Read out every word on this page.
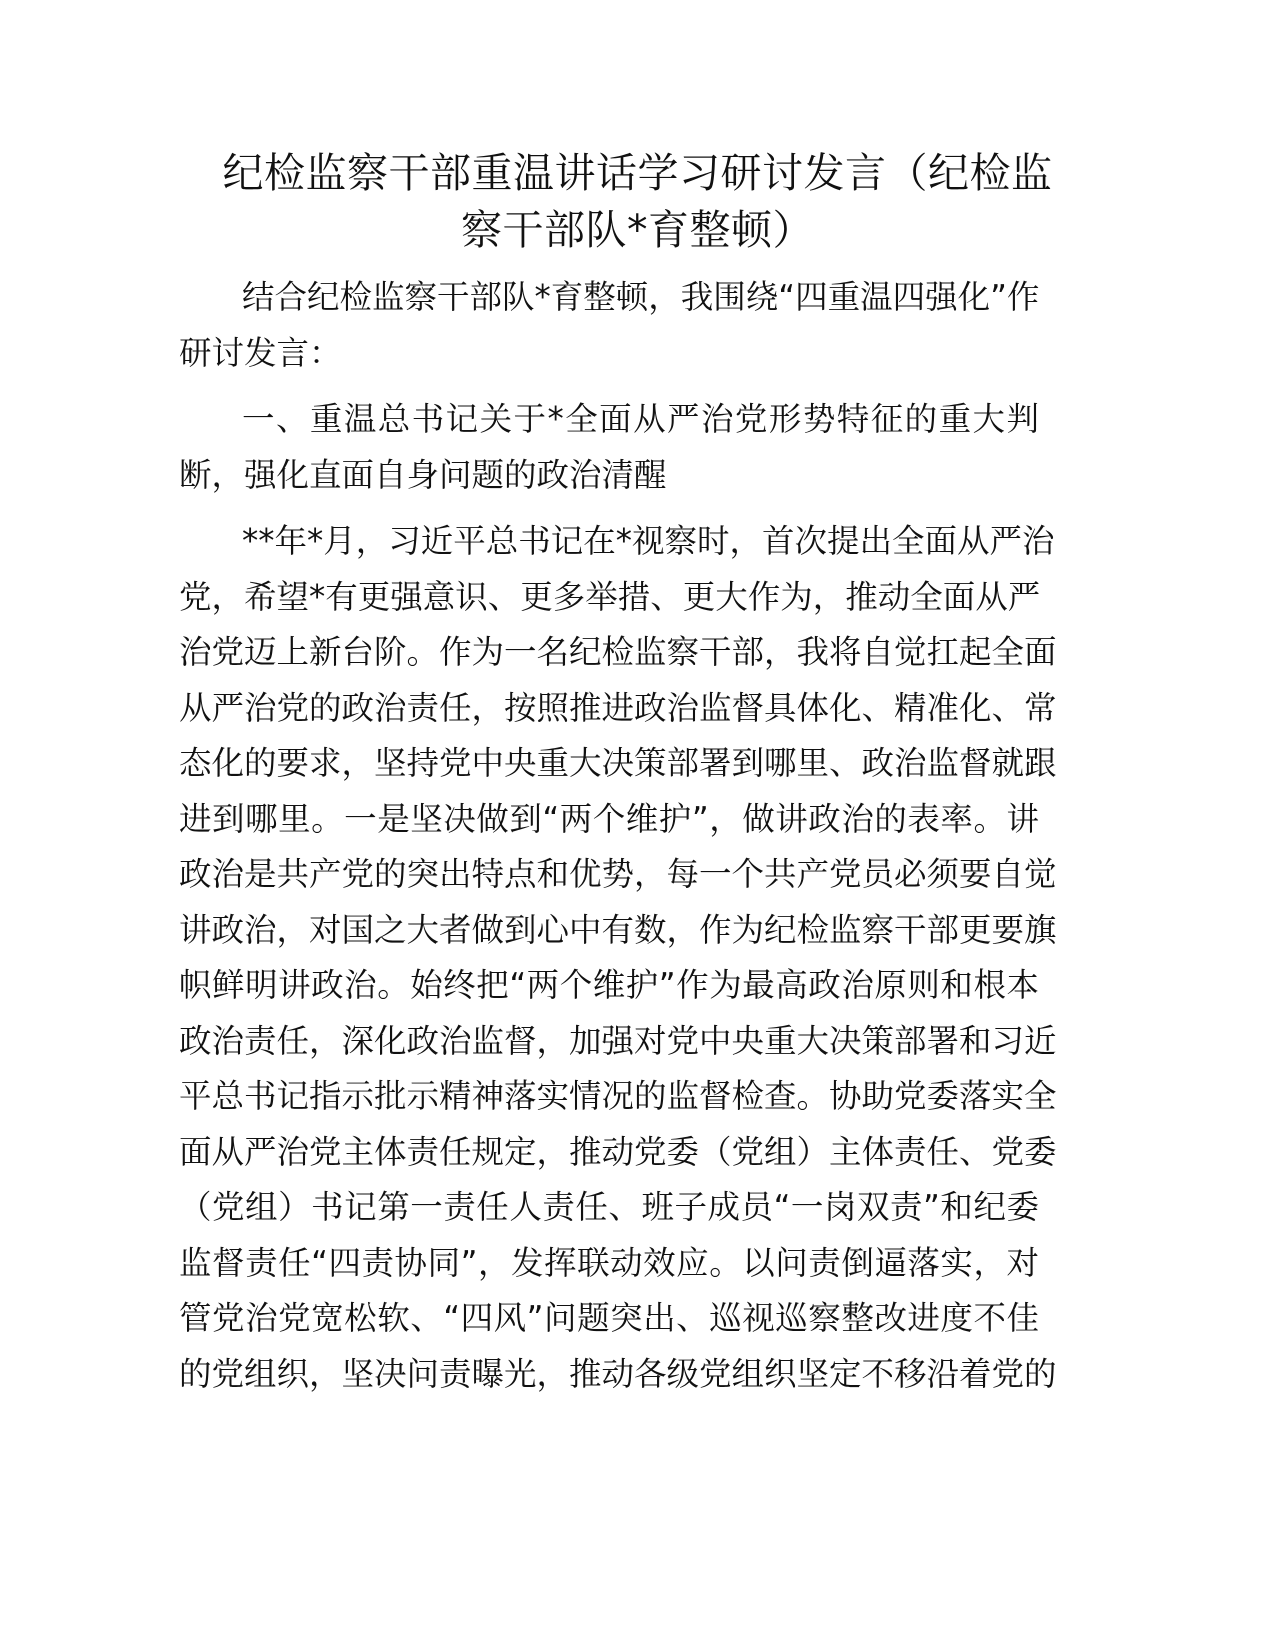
纪检监察干部重温讲话学习研讨发言（纪检监
察干部队*育整顿）
结合纪检监察干部队*育整顿，我围绕“四重温四强化”作
研讨发言：
一、重温总书记关于*全面从严治党形势特征的重大判
断，强化直面自身问题的政治清醒
**年*月，习近平总书记在*视察时，首次提出全面从严治
党，希望*有更强意识、更多举措、更大作为，推动全面从严
治党迈上新台阶。作为一名纪检监察干部，我将自觉扛起全面
从严治党的政治责任，按照推进政治监督具体化、精准化、常
态化的要求，坚持党中央重大决策部署到哪里、政治监督就跟
进到哪里。一是坚决做到“两个维护”，做讲政治的表率。讲
政治是共产党的突出特点和优势，每一个共产党员必须要自觉
讲政治，对国之大者做到心中有数，作为纪检监察干部更要旗
帜鲜明讲政治。始终把“两个维护”作为最高政治原则和根本
政治责任，深化政治监督，加强对党中央重大决策部署和习近
平总书记指示批示精神落实情况的监督检查。协助党委落实全
面从严治党主体责任规定，推动党委（党组）主体责任、党委
（党组）书记第一责任人责任、班子成员“一岗双责”和纪委
监督责任“四责协同”，发挥联动效应。以问责倒逼落实，对
管党治党宽松软、“四风”问题突出、巡视巡察整改进度不佳
的党组织，坚决问责曝光，推动各级党组织坚定不移沿着党的
